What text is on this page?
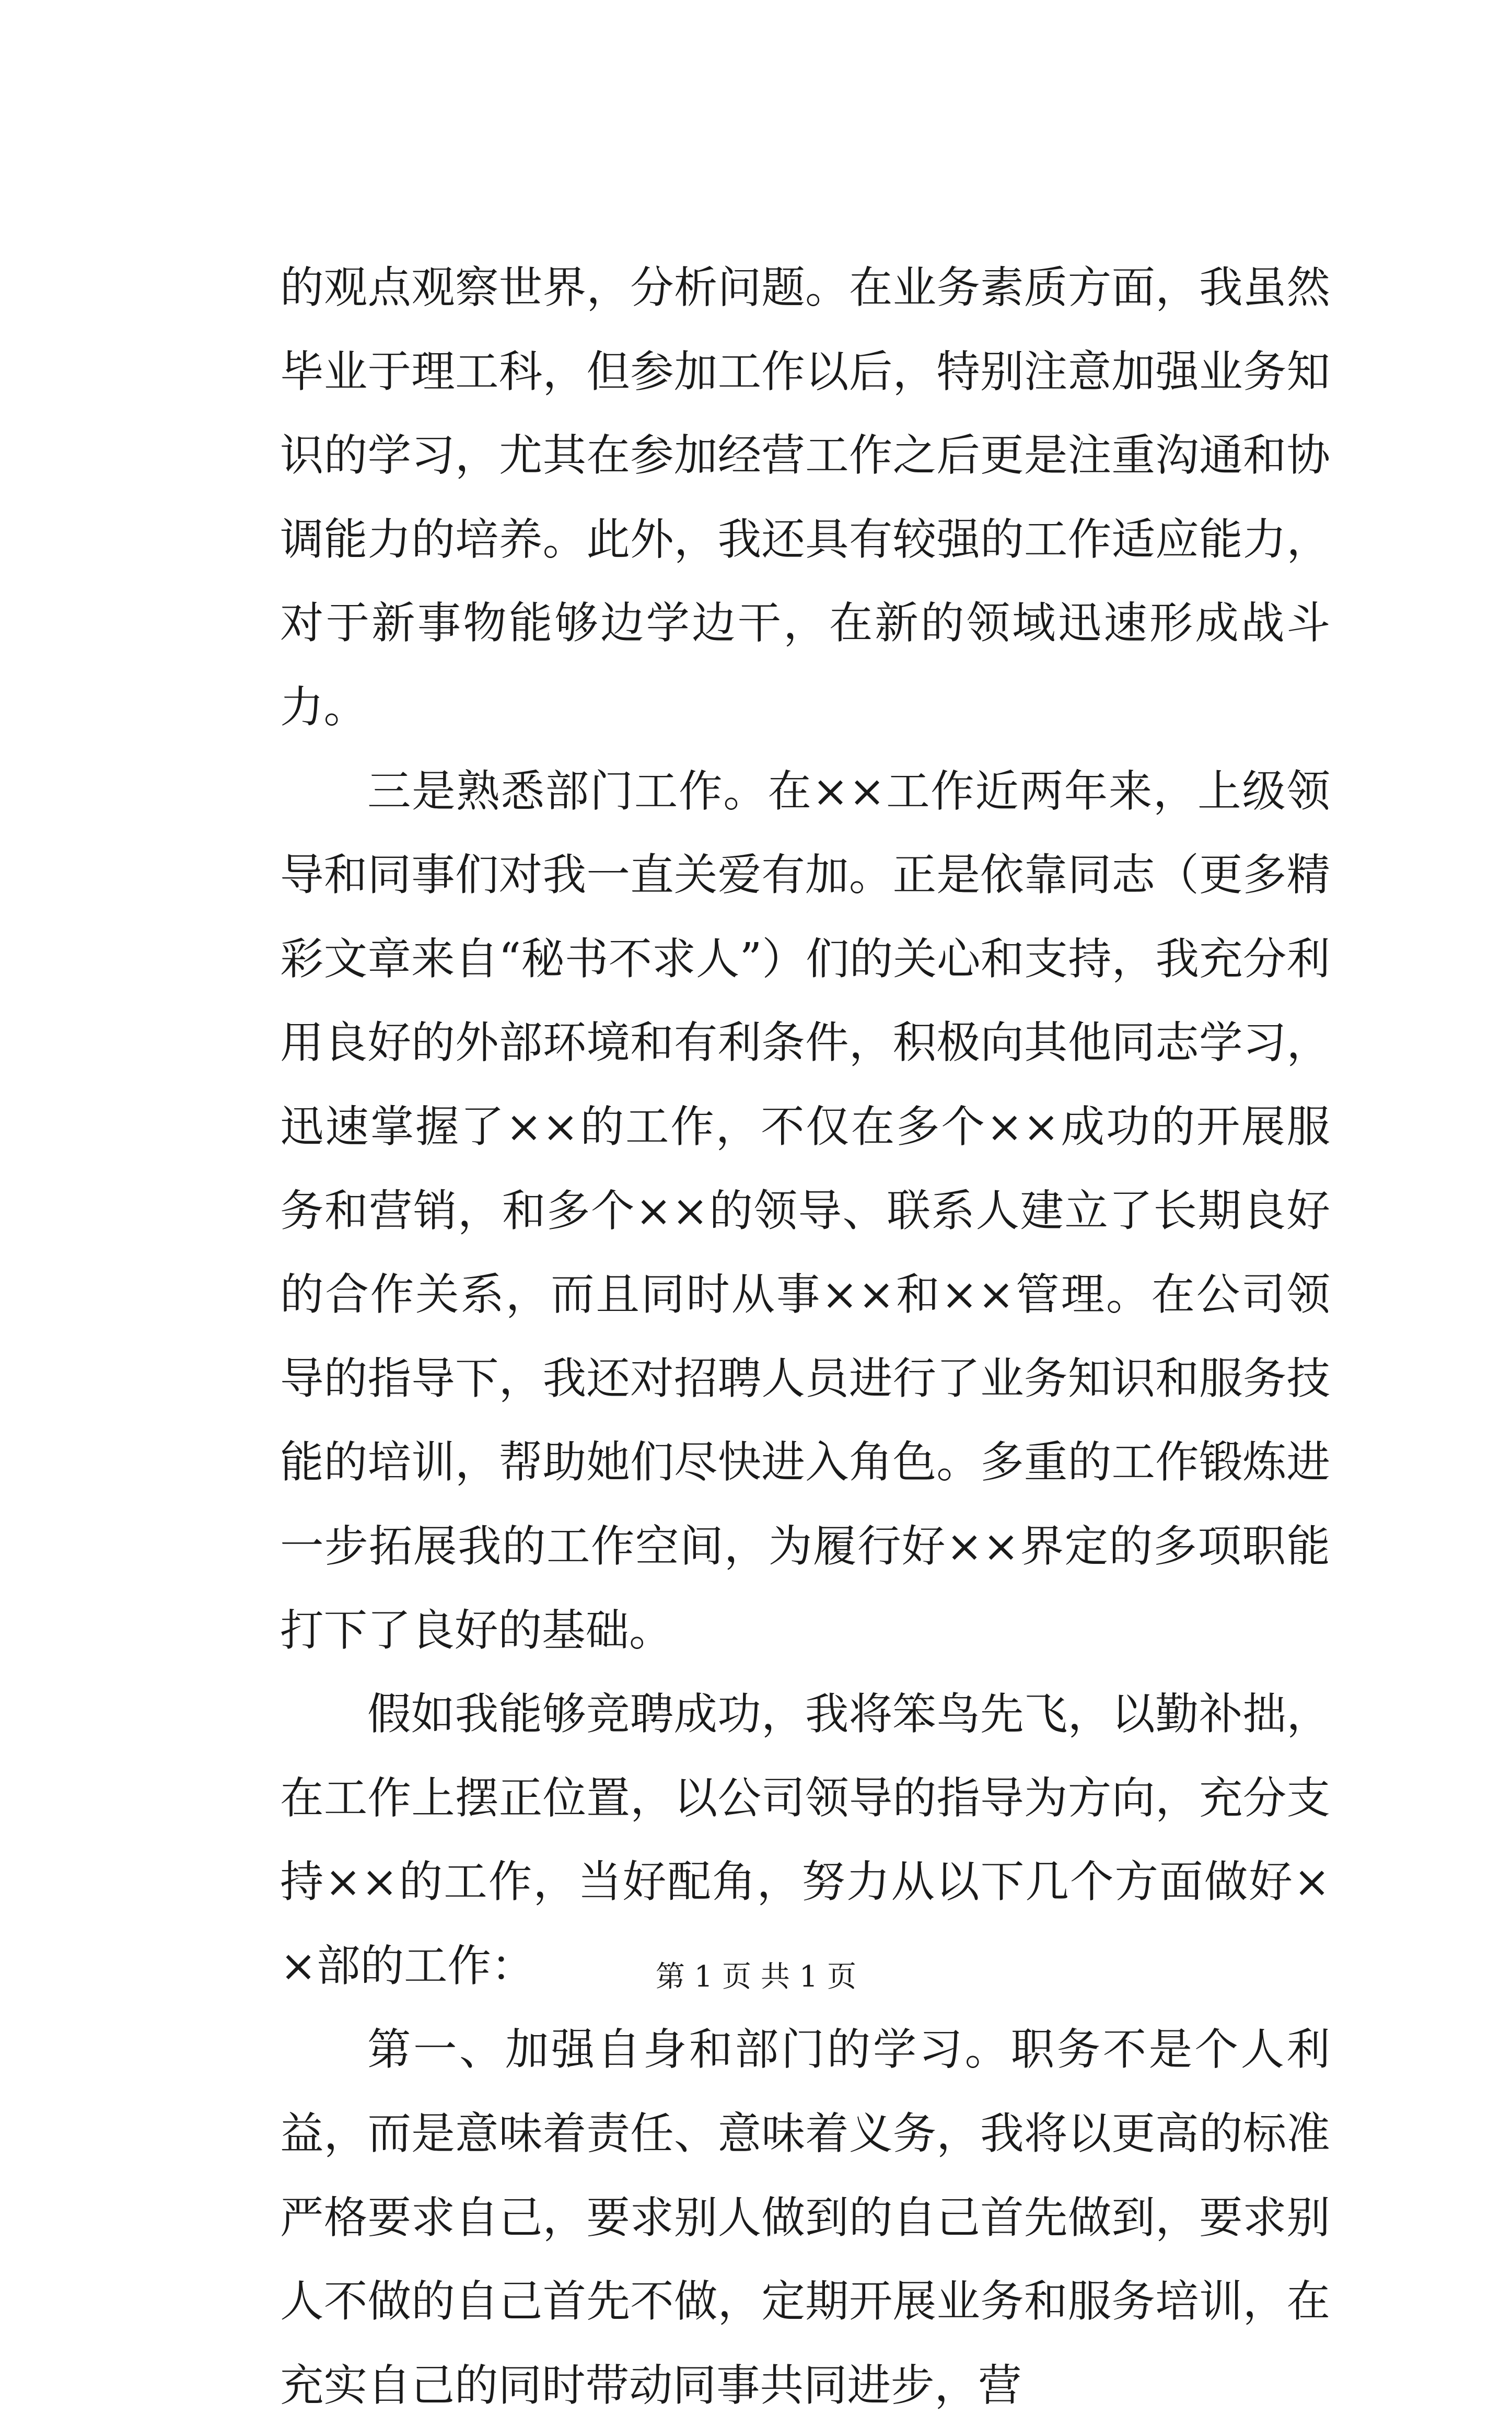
的观点观察世界，分析问题。在业务素质方面，我虽然毕业于理工科，但参加工作以后，特别注意加强业务知识的学习，尤其在参加经营工作之后更是注重沟通和协调能力的培养。此外，我还具有较强的工作适应能力，对于新事物能够边学边干，在新的领域迅速形成战斗力。

三是熟悉部门工作。在××工作近两年来，上级领导和同事们对我一直关爱有加。正是依靠同志（更多精彩文章来自“秘书不求人”）们的关心和支持，我充分利用良好的外部环境和有利条件，积极向其他同志学习，迅速掌握了××的工作，不仅在多个××成功的开展服务和营销，和多个××的领导、联系人建立了长期良好的合作关系，而且同时从事××和××管理。在公司领导的指导下，我还对招聘人员进行了业务知识和服务技能的培训，帮助她们尽快进入角色。多重的工作锻炼进一步拓展我的工作空间，为履行好××界定的多项职能打下了良好的基础。

假如我能够竞聘成功，我将笨鸟先飞，以勤补拙，在工作上摆正位置，以公司领导的指导为方向，充分支持××的工作，当好配角，努力从以下几个方面做好××部的工作：

第一、加强自身和部门的学习。职务不是个人利益，而是意味着责任、意味着义务，我将以更高的标准严格要求自己，要求别人做到的自己首先做到，要求别人不做的自己首先不做，定期开展业务和服务培训，在充实自己的同时带动同事共同进步，营

第 1 页 共 1 页
